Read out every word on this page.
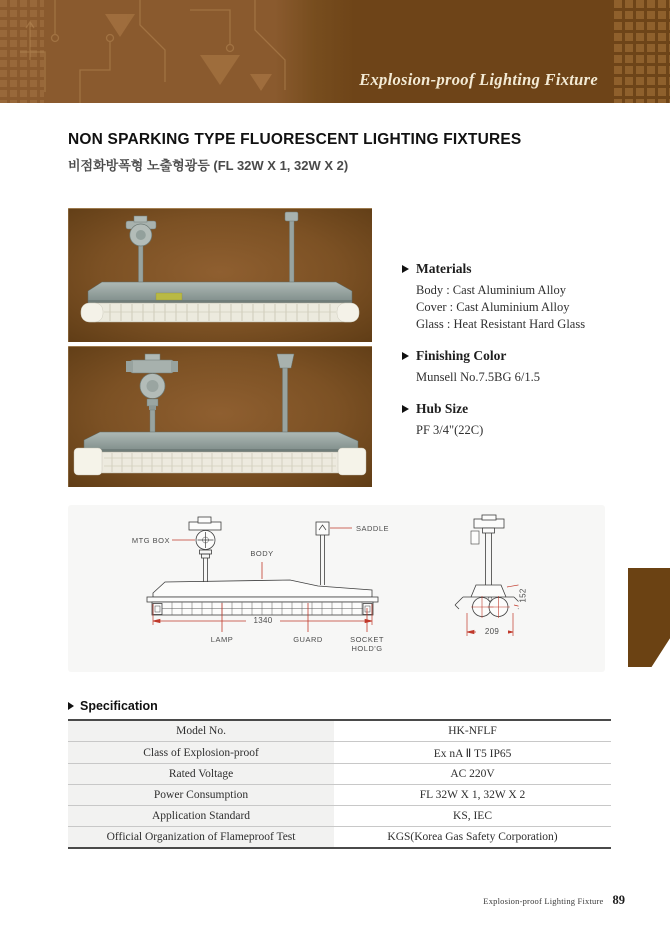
Explosion-proof Lighting Fixture
NON SPARKING TYPE FLUORESCENT LIGHTING FIXTURES
비점화방폭형 노출형광등 (FL 32W X 1, 32W X 2)
Materials

Body : Cast Aluminium Alloy

Cover : Cast Aluminium Alloy

Glass : Heat Resistant Hard Glass

Finishing Color

Munsell No.7.5BG 6/1.5

Hub Size

PF 3/4"(22C)

MTG BOX
SADDLE
BODY
LAMP	GUARD	SOCKET
HOLD'G
1340
209
152
Specification
Model No.	HK-NFLF
Class of Explosion-proof	Ex nA Ⅱ T5 IP65
Rated Voltage	AC 220V
Power Consumption	FL 32W X 1, 32W X 2
Application Standard	KS, IEC
Official Organization of Flameproof Test	KGS(Korea Gas Safety Corporation)
Explosion-proof Lighting Fixture 89
